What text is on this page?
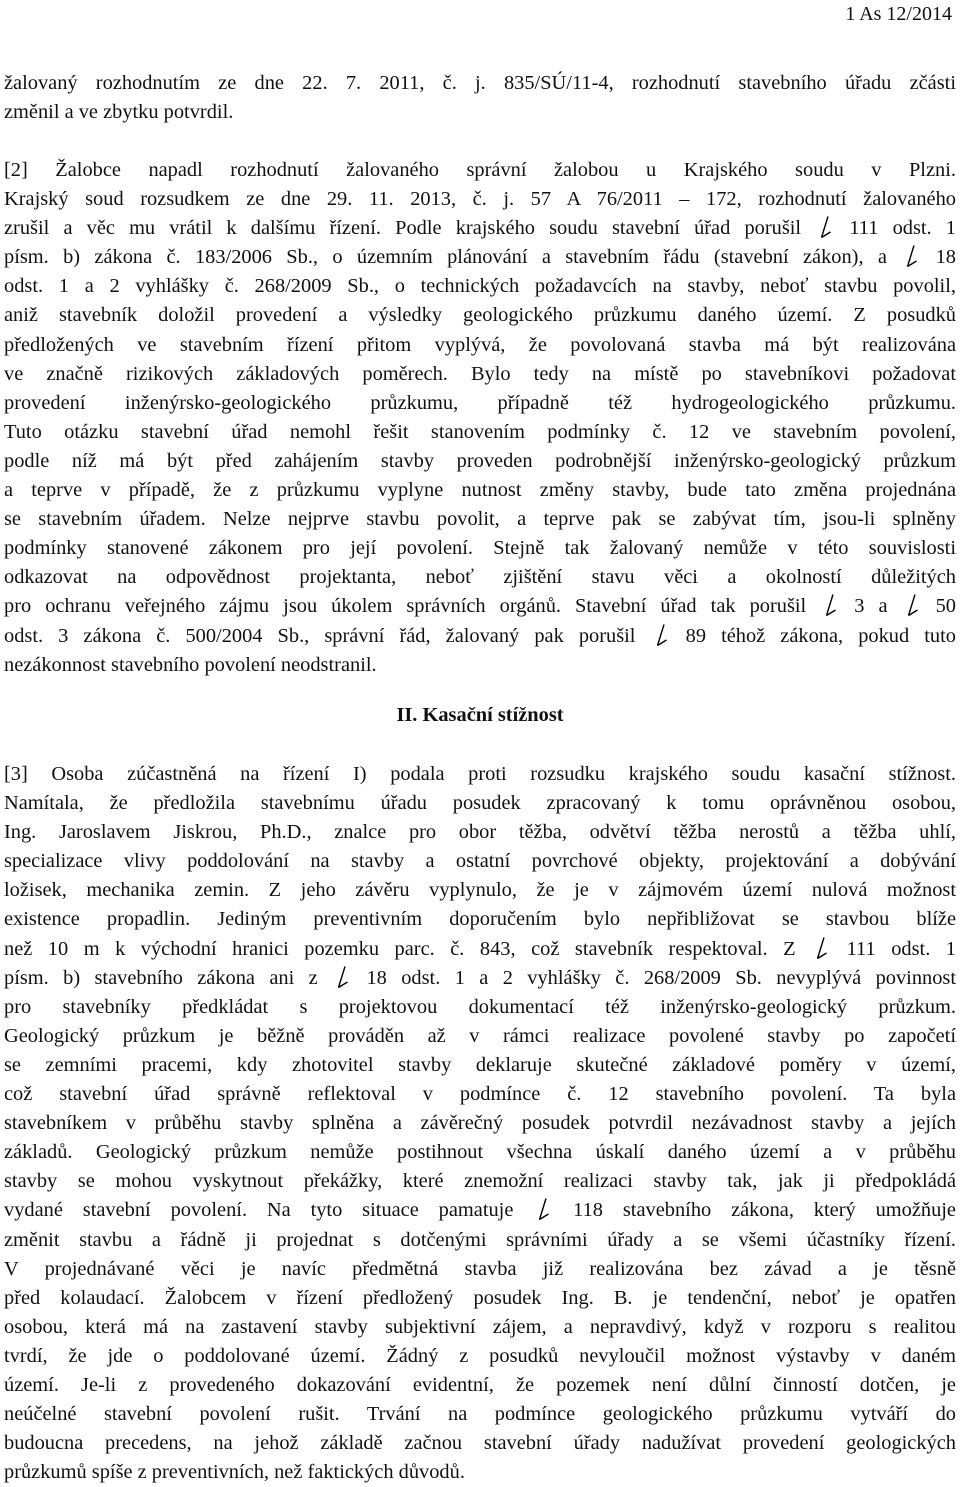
1 As 12/2014
žalovaný rozhodnutím ze dne 22. 7. 2011, č. j. 835/SÚ/11-4, rozhodnutí stavebního úřadu zčásti
změnil a ve zbytku potvrdil.
[2] Žalobce napadl rozhodnutí žalovaného správní žalobou u Krajského soudu v Plzni.
Krajský soud rozsudkem ze dne 29. 11. 2013, č. j. 57 A 76/2011 – 172, rozhodnutí žalovaného
zrušil a věc mu vrátil k dalšímu řízení. Podle krajského soudu stavební úřad porušil
111 odst. 1
písm. b) zákona č. 183/2006 Sb., o územním plánování a stavebním řádu (stavební zákon), a
18
odst. 1 a 2 vyhlášky č. 268/2009 Sb., o technických požadavcích na stavby, neboť stavbu povolil,
aniž stavebník doložil provedení a výsledky geologického průzkumu daného území. Z posudků
předložených ve stavebním řízení přitom vyplývá, že povolovaná stavba má být realizována
ve značně rizikových základových poměrech. Bylo tedy na místě po stavebníkovi požadovat
provedení inženýrsko-geologického průzkumu, případně též hydrogeologického průzkumu.
Tuto otázku stavební úřad nemohl řešit stanovením podmínky č. 12 ve stavebním povolení,
podle níž má být před zahájením stavby proveden podrobnější inženýrsko-geologický průzkum
a teprve v případě, že z průzkumu vyplyne nutnost změny stavby, bude tato změna projednána
se stavebním úřadem. Nelze nejprve stavbu povolit, a teprve pak se zabývat tím, jsou-li splněny
podmínky stanovené zákonem pro její povolení. Stejně tak žalovaný nemůže v této souvislosti
odkazovat na odpovědnost projektanta, neboť zjištění stavu věci a okolností důležitých
pro ochranu veřejného zájmu jsou úkolem správních orgánů. Stavební úřad tak porušil
3 a
50
odst. 3 zákona č. 500/2004 Sb., správní řád, žalovaný pak porušil
89 téhož zákona, pokud tuto
nezákonnost stavebního povolení neodstranil.
II. Kasační stížnost
[3] Osoba zúčastněná na řízení I) podala proti rozsudku krajského soudu kasační stížnost.
Namítala, že předložila stavebnímu úřadu posudek zpracovaný k tomu oprávněnou osobou,
Ing. Jaroslavem Jiskrou, Ph.D., znalce pro obor těžba, odvětví těžba nerostů a těžba uhlí,
specializace vlivy poddolování na stavby a ostatní povrchové objekty, projektování a dobývání
ložisek, mechanika zemin. Z jeho závěru vyplynulo, že je v zájmovém území nulová možnost
existence propadlin. Jediným preventivním doporučením bylo nepřibližovat se stavbou blíže
než 10 m k východní hranici pozemku parc. č. 843, což stavebník respektoval. Z
111 odst. 1
písm. b) stavebního zákona ani z
18 odst. 1 a 2 vyhlášky č. 268/2009 Sb. nevyplývá povinnost
pro stavebníky předkládat s projektovou dokumentací též inženýrsko-geologický průzkum.
Geologický průzkum je běžně prováděn až v rámci realizace povolené stavby po započetí
se zemními pracemi, kdy zhotovitel stavby deklaruje skutečné základové poměry v území,
což stavební úřad správně reflektoval v podmínce č. 12 stavebního povolení. Ta byla
stavebníkem v průběhu stavby splněna a závěrečný posudek potvrdil nezávadnost stavby a jejích
základů. Geologický průzkum nemůže postihnout všechna úskalí daného území a v průběhu
stavby se mohou vyskytnout překážky, které znemožní realizaci stavby tak, jak ji předpokládá
vydané stavební povolení. Na tyto situace pamatuje
118 stavebního zákona, který umožňuje
změnit stavbu a řádně ji projednat s dotčenými správními úřady a se všemi účastníky řízení.
V projednávané věci je navíc předmětná stavba již realizována bez závad a je těsně
před kolaudací. Žalobcem v řízení předložený posudek Ing. B. je tendenční, neboť je opatřen
osobou, která má na zastavení stavby subjektivní zájem, a nepravdivý, když v rozporu s realitou
tvrdí, že jde o poddolované území. Žádný z posudků nevyloučil možnost výstavby v daném
území. Je-li z provedeného dokazování evidentní, že pozemek není důlní činností dotčen, je
neúčelné stavební povolení rušit. Trvání na podmínce geologického průzkumu vytváří do
budoucna precedens, na jehož základě začnou stavební úřady nadužívat provedení geologických
průzkumů spíše z preventivních, než faktických důvodů.
